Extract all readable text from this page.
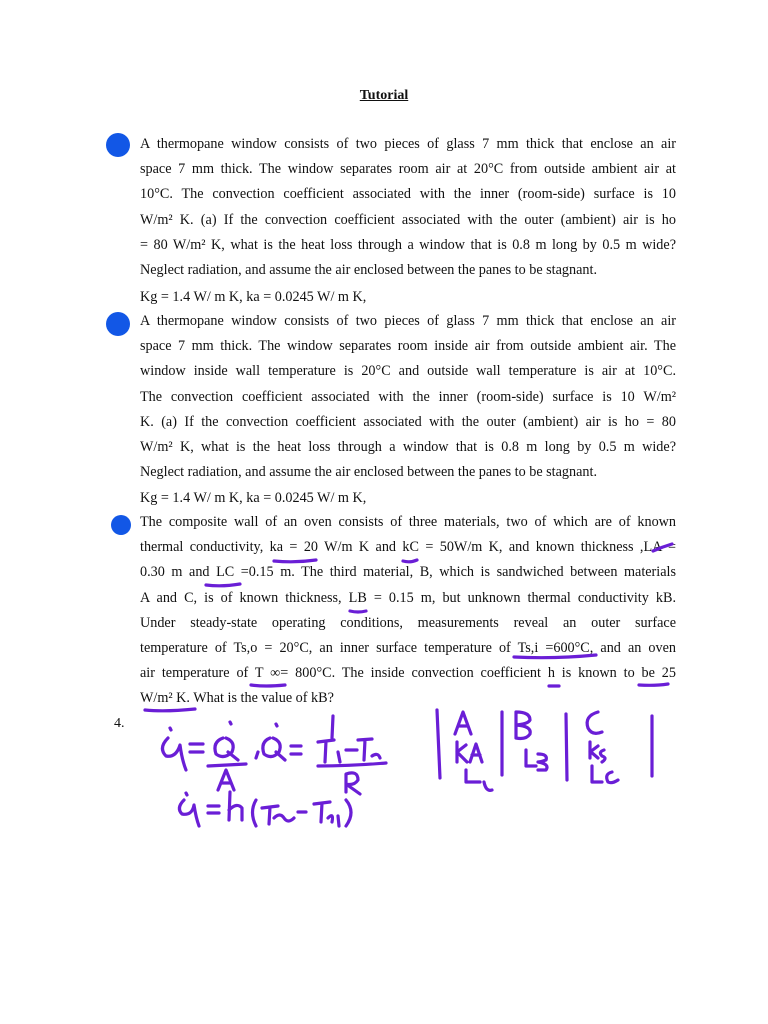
Tutorial
A thermopane window consists of two pieces of glass 7 mm thick that enclose an air
space 7 mm thick. The window separates room air at 20°C from outside ambient air at
10°C. The convection coefficient associated with the inner (room-side) surface is 10
W/m² K. (a) If the convection coefficient associated with the outer (ambient) air is ho
= 80 W/m² K, what is the heat loss through a window that is 0.8 m long by 0.5 m wide?
Neglect radiation, and assume the air enclosed between the panes to be stagnant.
Kg = 1.4 W/ m K, ka = 0.0245 W/ m K,
A thermopane window consists of two pieces of glass 7 mm thick that enclose an air
space 7 mm thick. The window separates room inside air from outside ambient air. The
window inside wall temperature is 20°C and outside wall temperature is air at 10°C.
The convection coefficient associated with the inner (room-side) surface is 10 W/m²
K. (a) If the convection coefficient associated with the outer (ambient) air is ho = 80
W/m² K, what is the heat loss through a window that is 0.8 m long by 0.5 m wide?
Neglect radiation, and assume the air enclosed between the panes to be stagnant.
Kg = 1.4 W/ m K, ka = 0.0245 W/ m K,
The composite wall of an oven consists of three materials, two of which are of known
thermal conductivity, ka = 20 W/m K and kC = 50W/m K, and known thickness ,LA =
0.30 m and LC =0.15 m. The third material, B, which is sandwiched between materials
A and C, is of known thickness, LB = 0.15 m, but unknown thermal conductivity kB.
Under steady-state operating conditions, measurements reveal an outer surface
temperature of Ts,o = 20°C, an inner surface temperature of Ts,i =600°C, and an oven
air temperature of T ∞= 800°C. The inside convection coefficient h is known to be 25
W/m² K. What is the value of kB?
4.
